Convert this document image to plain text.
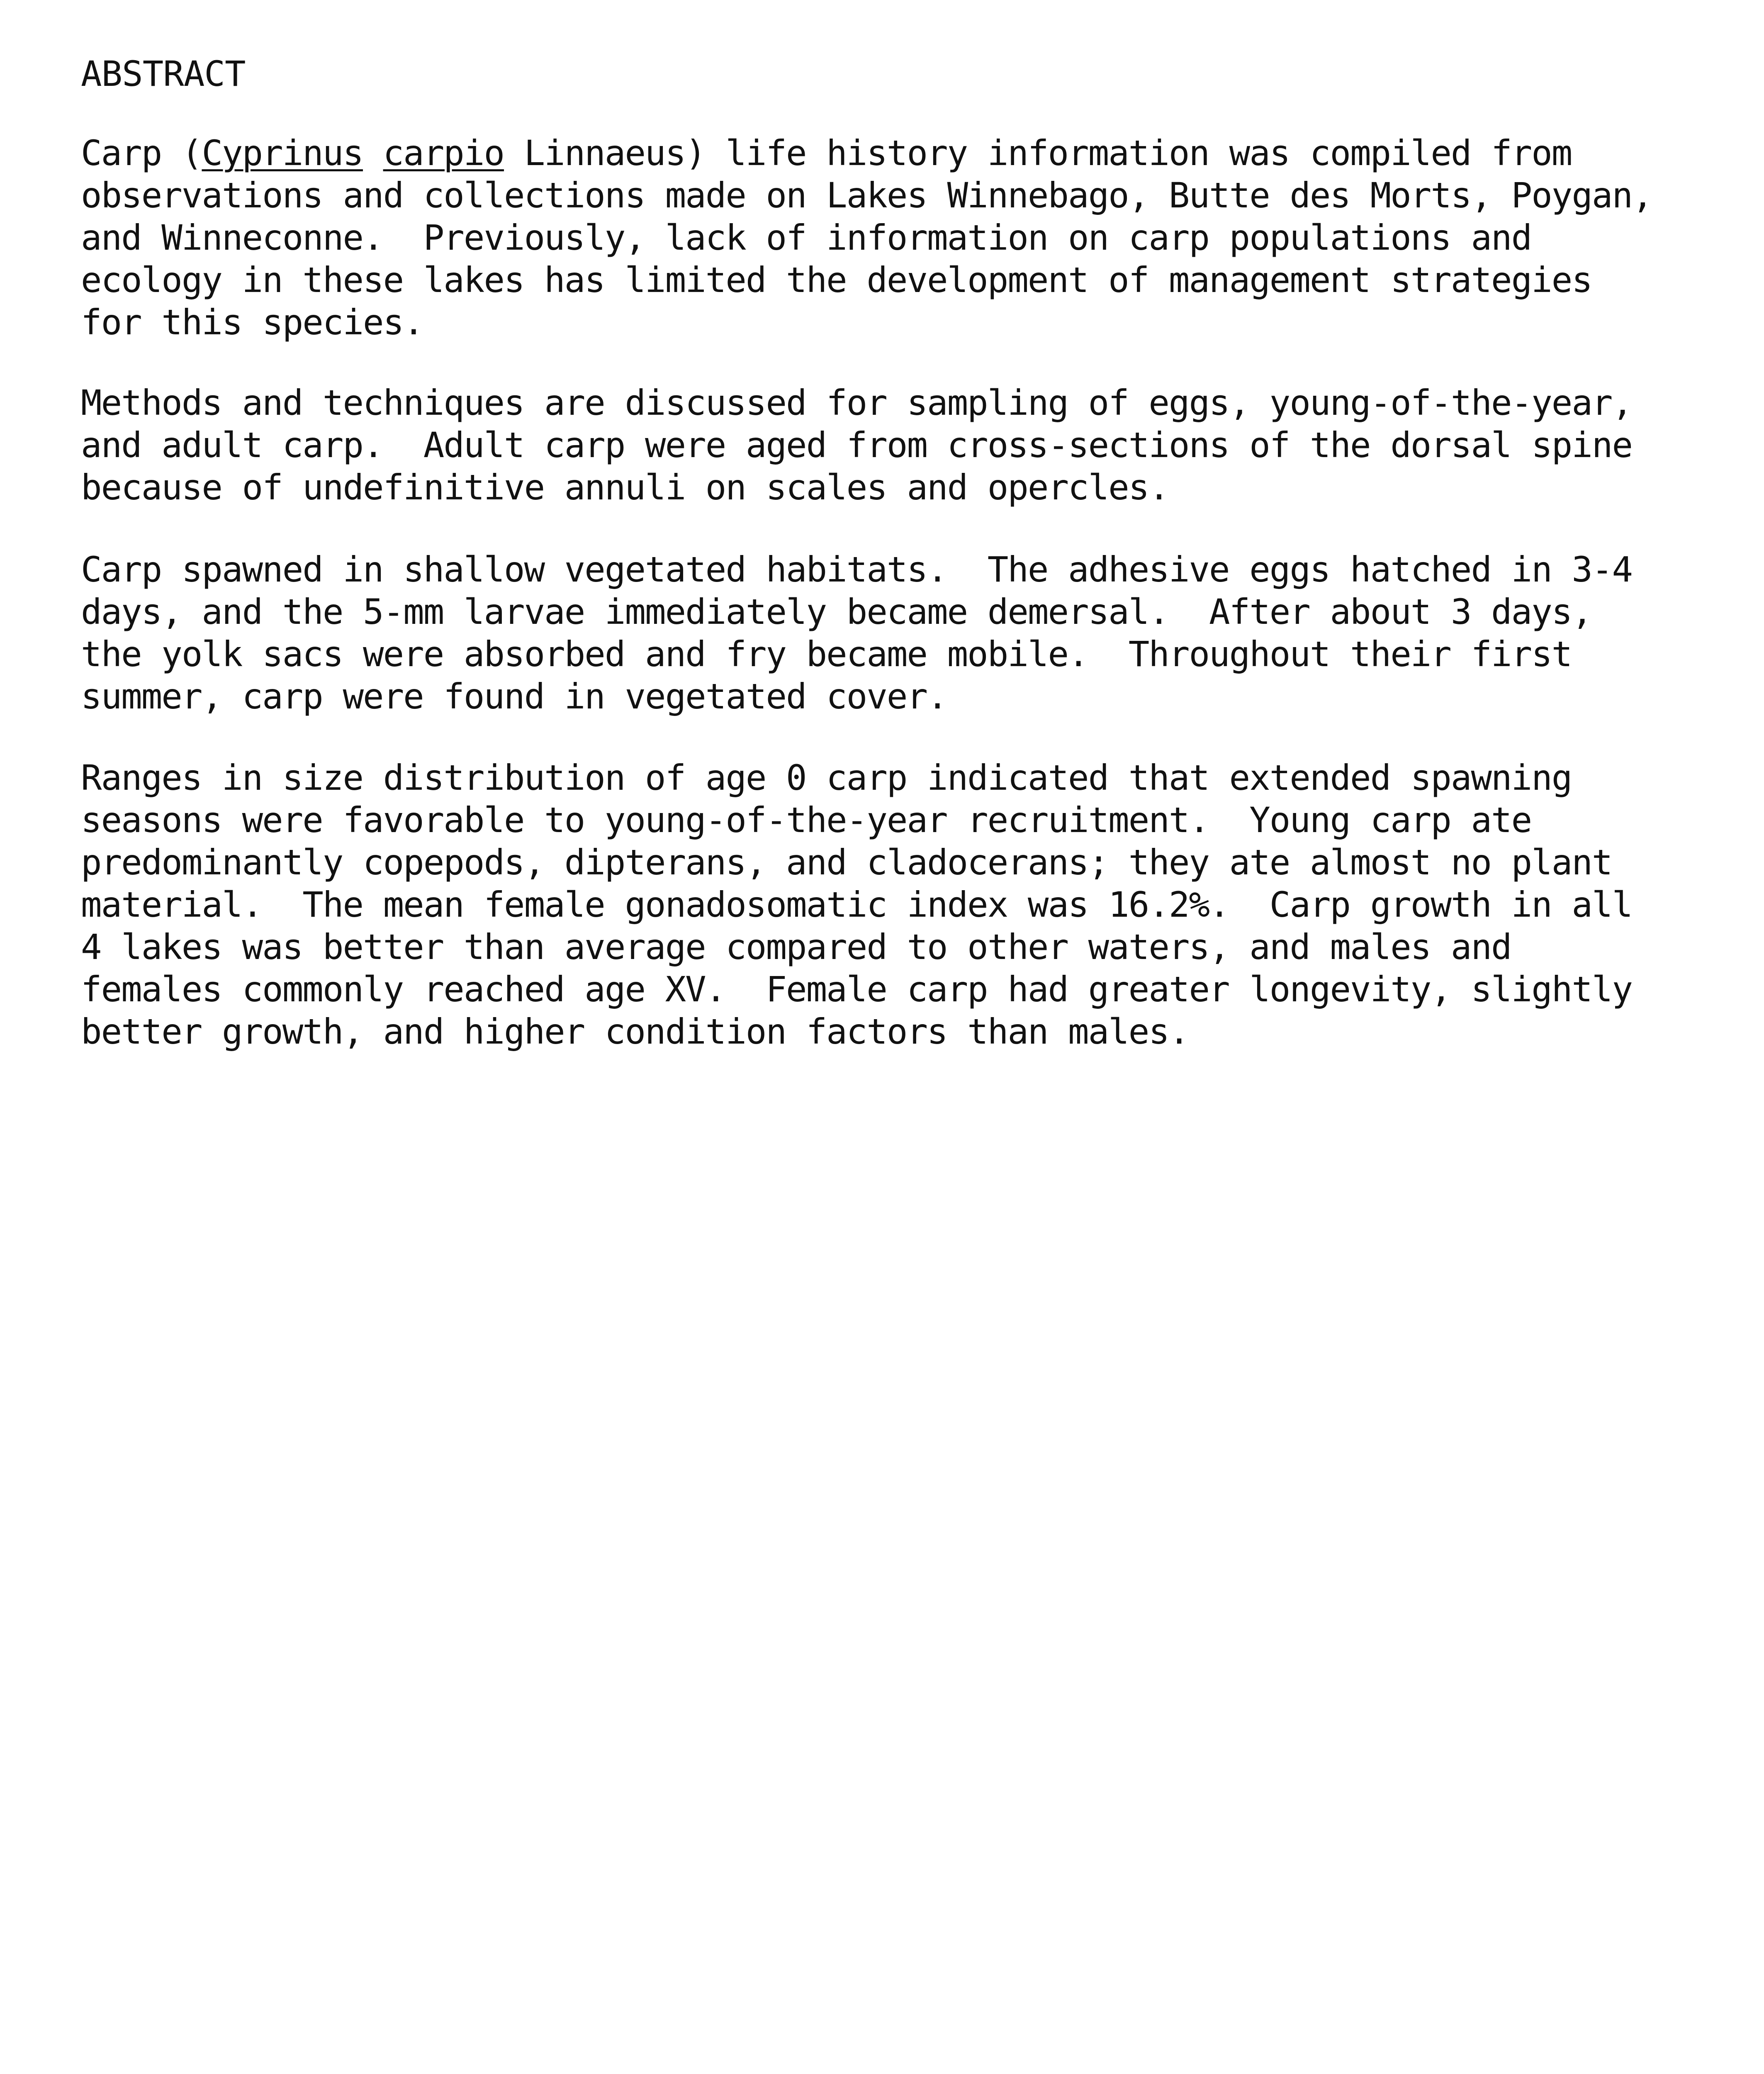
ABSTRACT

Carp (Cyprinus carpio Linnaeus) life history information was compiled from
observations and collections made on Lakes Winnebago, Butte des Morts, Poygan,
and Winneconne.  Previously, lack of information on carp populations and
ecology in these lakes has limited the development of management strategies
for this species.

Methods and techniques are discussed for sampling of eggs, young-of-the-year,
and adult carp.  Adult carp were aged from cross-sections of the dorsal spine
because of undefinitive annuli on scales and opercles.

Carp spawned in shallow vegetated habitats.  The adhesive eggs hatched in 3-4
days, and the 5-mm larvae immediately became demersal.  After about 3 days,
the yolk sacs were absorbed and fry became mobile.  Throughout their first
summer, carp were found in vegetated cover.

Ranges in size distribution of age 0 carp indicated that extended spawning
seasons were favorable to young-of-the-year recruitment.  Young carp ate
predominantly copepods, dipterans, and cladocerans; they ate almost no plant
material.  The mean female gonadosomatic index was 16.2%.  Carp growth in all
4 lakes was better than average compared to other waters, and males and
females commonly reached age XV.  Female carp had greater longevity, slightly
better growth, and higher condition factors than males.
